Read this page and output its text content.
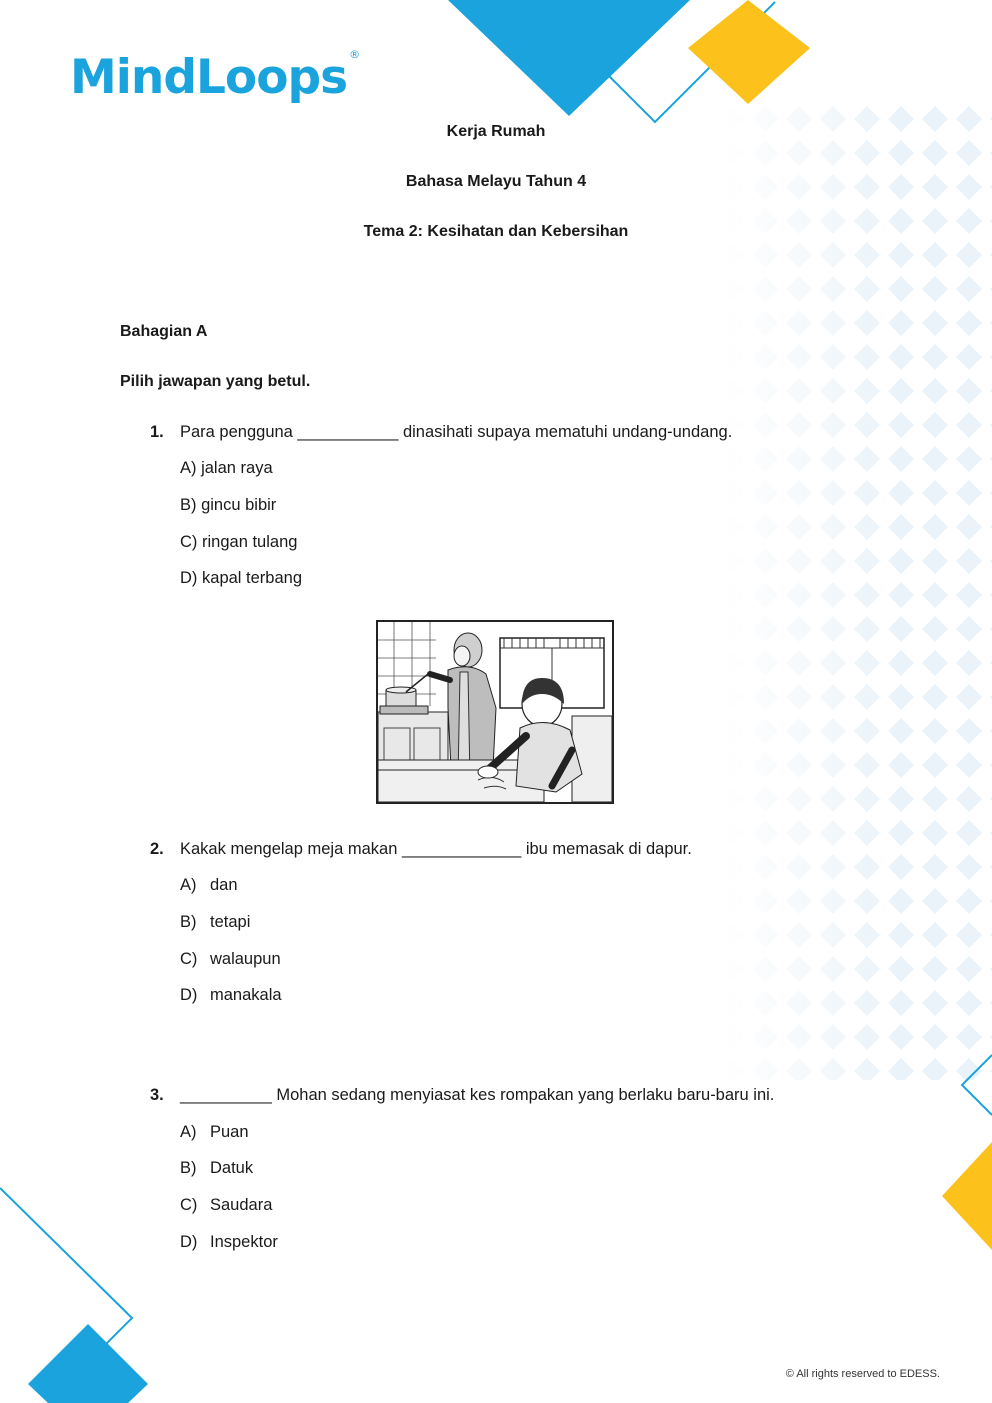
MindLoops ®
Kerja Rumah
Bahasa Melayu Tahun 4
Tema 2: Kesihatan dan Kebersihan
Bahagian A
Pilih jawapan yang betul.
1. Para pengguna ___________ dinasihati supaya mematuhi undang-undang.
A) jalan raya
B) gincu bibir
C) ringan tulang
D) kapal terbang
2. Kakak mengelap meja makan _____________ ibu memasak di dapur.
A) dan
B) tetapi
C) walaupun
D) manakala
3. __________ Mohan sedang menyiasat kes rompakan yang berlaku baru-baru ini.
A) Puan
B) Datuk
C) Saudara
D) Inspektor
© All rights reserved to EDESS.
